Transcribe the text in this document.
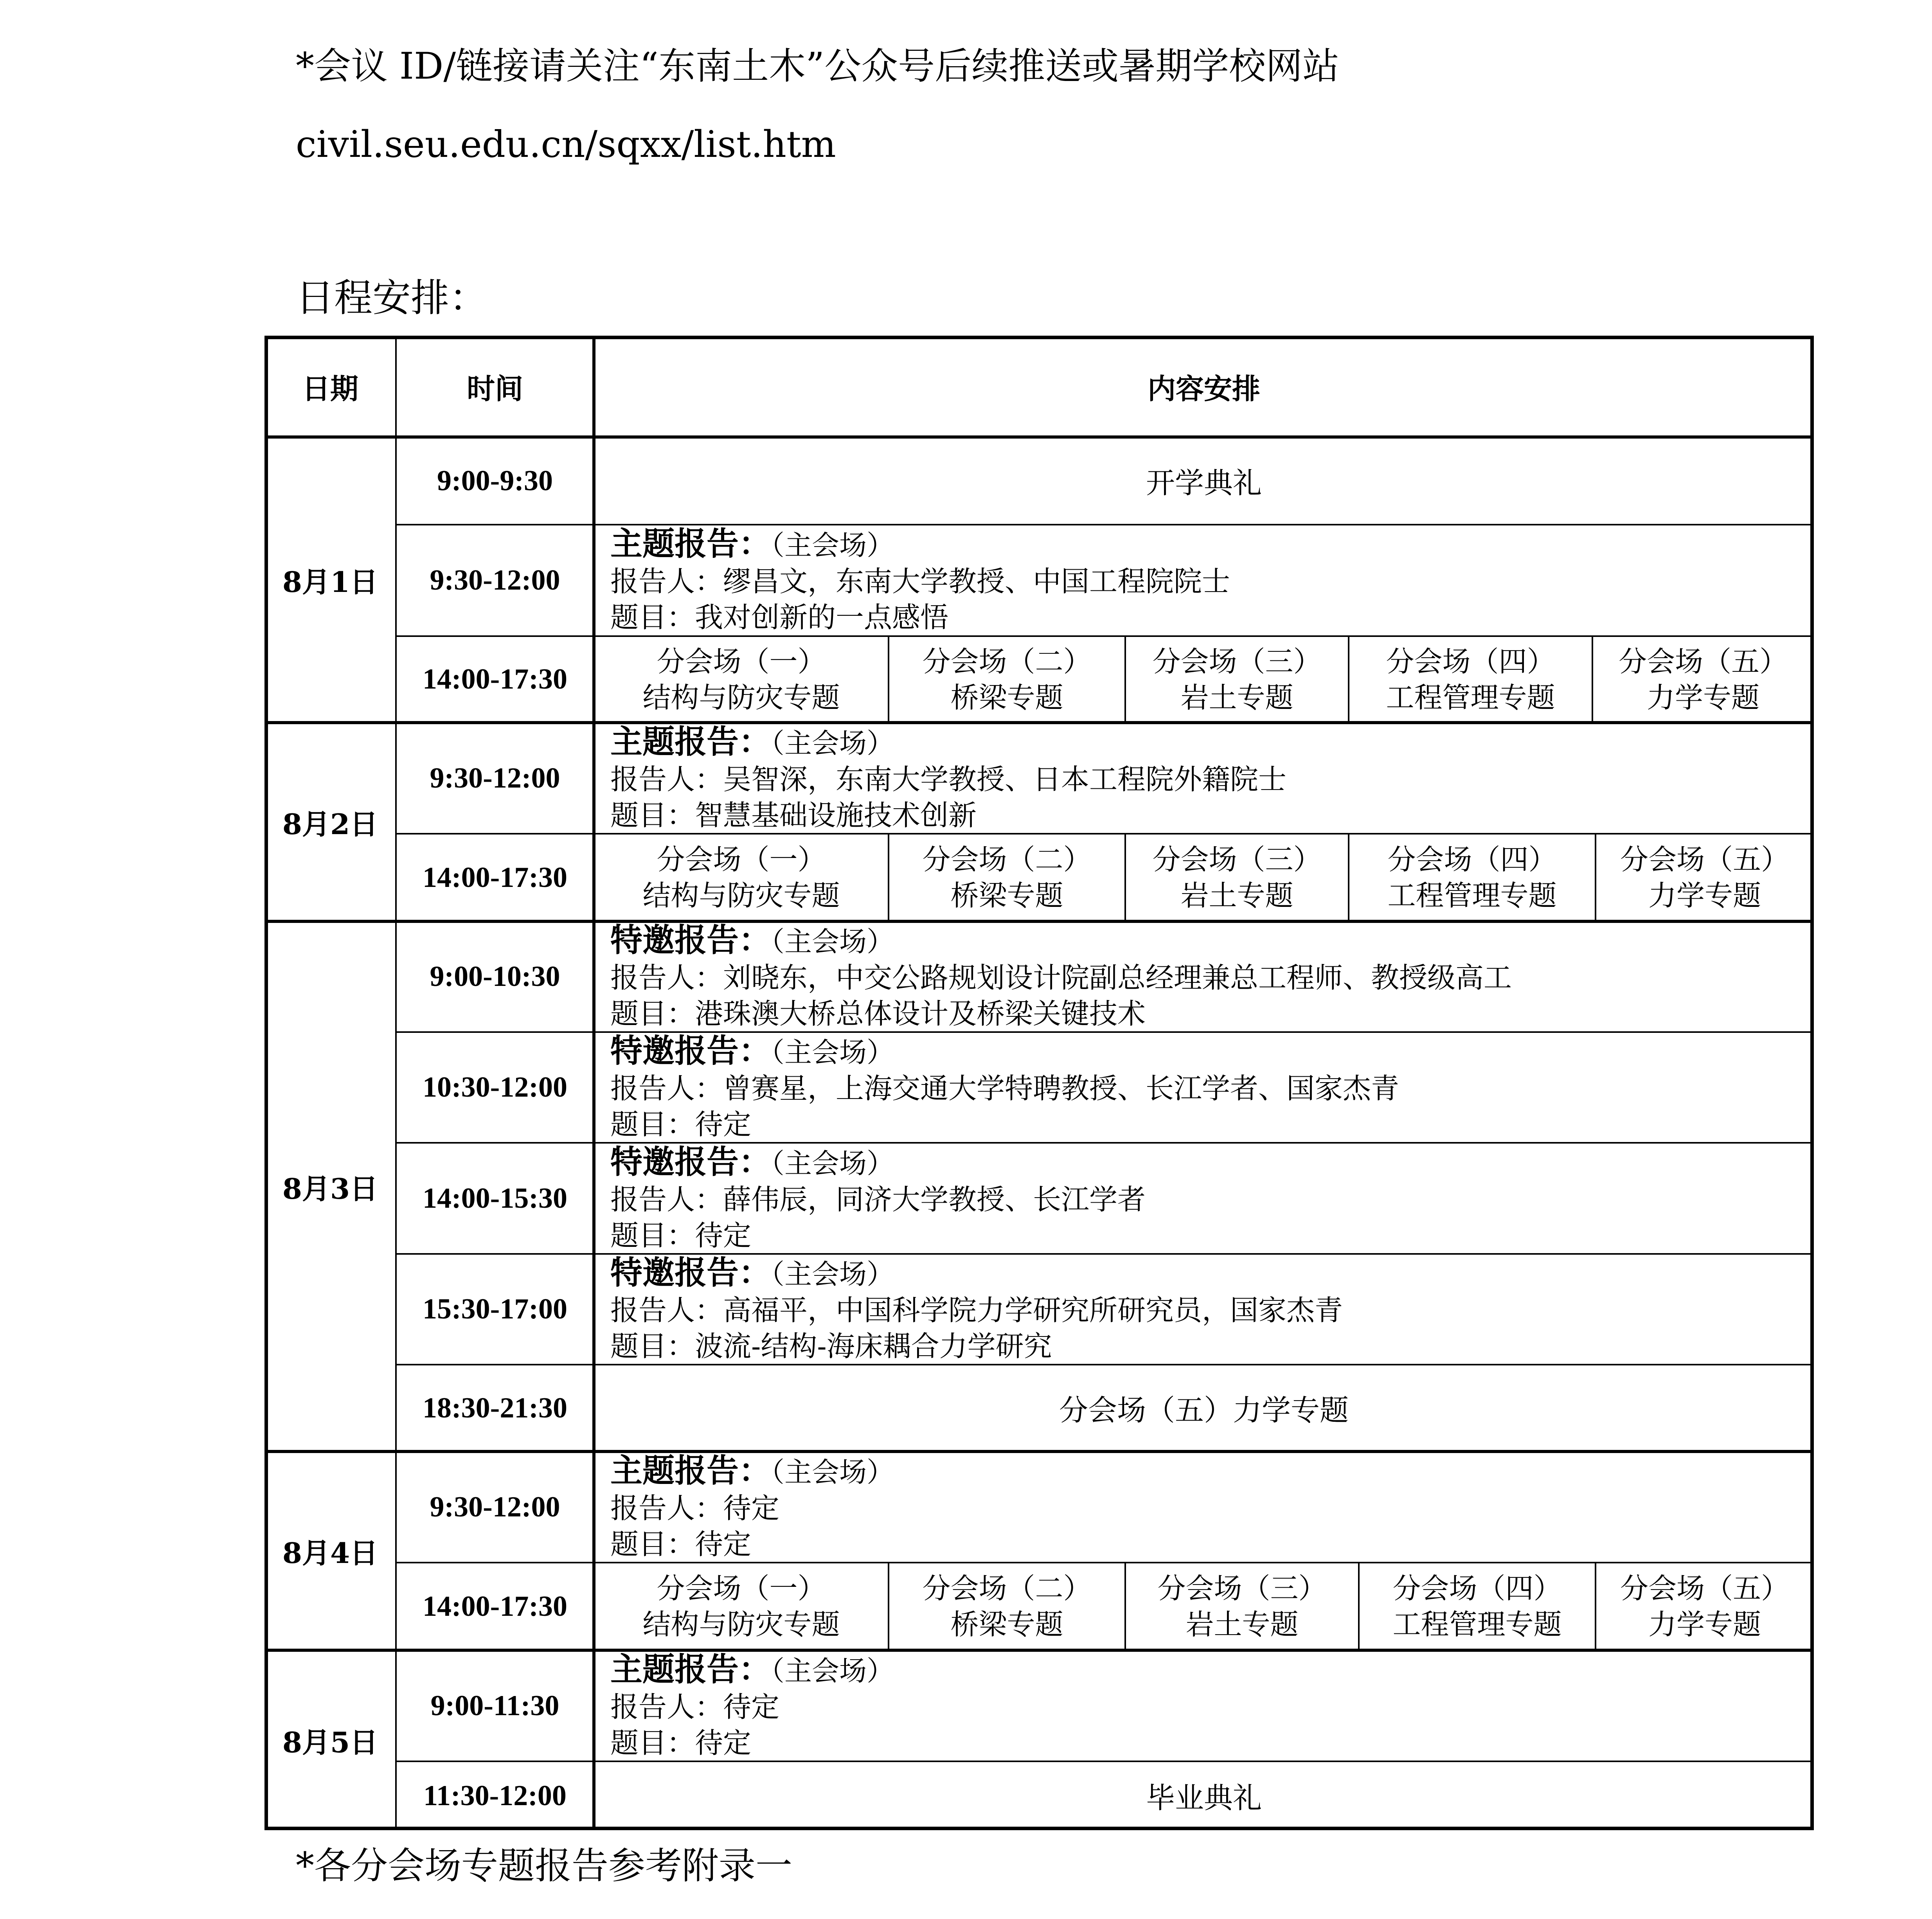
*会议 ID/链接请关注“东南土木”公众号后续推送或暑期学校网站
civil.seu.edu.cn/sqxx/list.htm
日程安排：
日期	时间	内容安排
8月1日
8月2日
8月3日
8月4日
8月5日
9:00-9:30
9:30-12:00
14:00-17:30
9:30-12:00
14:00-17:30
9:00-10:30
10:30-12:00
14:00-15:30
15:30-17:00
18:30-21:30
9:30-12:00
14:00-17:30
9:00-11:30
11:30-12:00
开学典礼
主题报告：（主会场）
报告人：缪昌文，东南大学教授、中国工程院院士
题目：我对创新的一点感悟
分会场（一）
结构与防灾专题
分会场（二）
桥梁专题
分会场（三）
岩土专题
分会场（四）
工程管理专题
分会场（五）
力学专题
主题报告：（主会场）
报告人：吴智深，东南大学教授、日本工程院外籍院士
题目：智慧基础设施技术创新
分会场（一）
结构与防灾专题
分会场（二）
桥梁专题
分会场（三）
岩土专题
分会场（四）
工程管理专题
分会场（五）
力学专题
特邀报告：（主会场）
报告人：刘晓东，中交公路规划设计院副总经理兼总工程师、教授级高工
题目：港珠澳大桥总体设计及桥梁关键技术
特邀报告：（主会场）
报告人：曾赛星，上海交通大学特聘教授、长江学者、国家杰青
题目：待定
特邀报告：（主会场）
报告人：薛伟辰，同济大学教授、长江学者
题目：待定
特邀报告：（主会场）
报告人：高福平，中国科学院力学研究所研究员，国家杰青
题目：波流-结构-海床耦合力学研究
分会场（五）力学专题
主题报告：（主会场）
报告人：待定
题目：待定
分会场（一）
结构与防灾专题
分会场（二）
桥梁专题
分会场（三）
岩土专题
分会场（四）
工程管理专题
分会场（五）
力学专题
主题报告：（主会场）
报告人：待定
题目：待定
毕业典礼
*各分会场专题报告参考附录一
